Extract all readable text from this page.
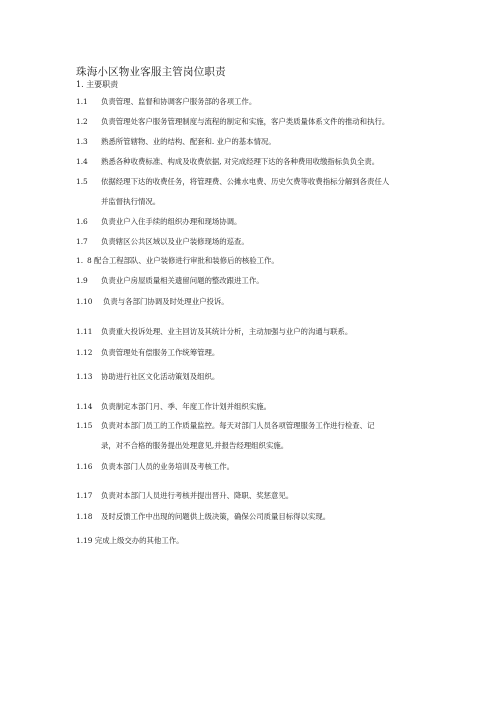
珠海小区物业客服主管岗位职责
1. 主要职责
1.1 负责管理、监督和协调客户服务部的各项工作。
1.2 负责管理处客户服务管理制度与流程的制定和实施，客户类质量体系文件的推动和执行。
1.3 熟悉所管辖物、业的结构、配套和. 业户的基本情况。
1.4 熟悉各种收费标准、构成及收费依据, 对完成经理下达的各种费用收缴指标负负全责。
1.5 依据经理下达的收费任务，将管理费、公摊水电费、历史欠费等收费指标分解到各责任人
并监督执行情况。
1.6 负责业户入住手续的组织办理和现场协调。
1.7 负责辖区公共区域以及业户装修现场的巡查。
1. 8 配合工程部队、业户装修进行审批和装修后的核验工作。
1.9 负责业户房屋质量相关遗留问题的整改跟进工作。
1.10 负责与各部门协调及时处理业户投诉。
1.11 负责重大投诉处理、业主回访及其统计分析，主动加强与业户的沟通与联系。
1.12 负责管理处有偿服务工作统筹管理。
1.13 协助进行社区文化活动策划及组织。
1.14 负责制定本部门月、季、年度工作计划并组织实施。
1.15 负责对本部门员工的工作质量监控。每天对部门人员各项管理服务工作进行检查、记
录，对不合格的服务提出处理意见,并报告经理组织实施。
1.16 负责本部门人员的业务培训及考核工作。
1.17 负责对本部门人员进行考核并提出晋升、降职、奖惩意见。
1.18 及时反馈工作中出现的问题供上级决策，确保公司质量目标得以实现。
1.19 完成上级交办的其他工作。
